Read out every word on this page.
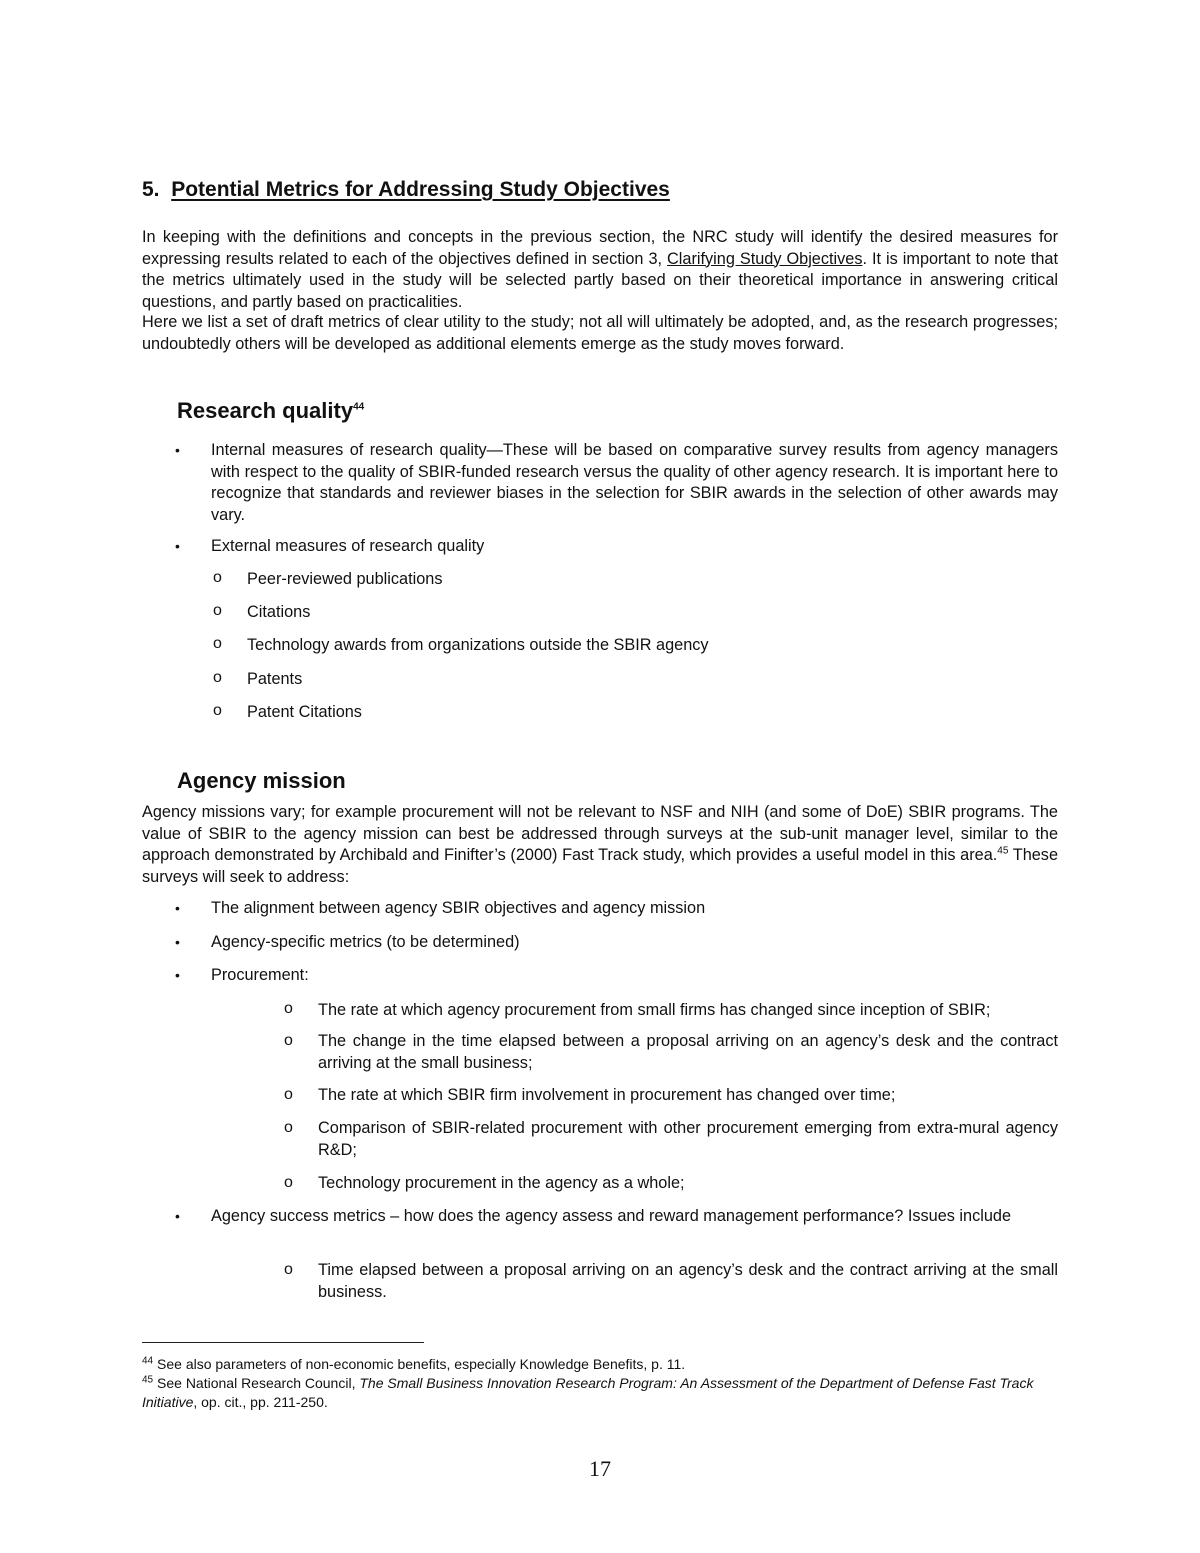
5. Potential Metrics for Addressing Study Objectives
In keeping with the definitions and concepts in the previous section, the NRC study will identify the desired measures for expressing results related to each of the objectives defined in section 3, Clarifying Study Objectives. It is important to note that the metrics ultimately used in the study will be selected partly based on their theoretical importance in answering critical questions, and partly based on practicalities.
Here we list a set of draft metrics of clear utility to the study; not all will ultimately be adopted, and, as the research progresses; undoubtedly others will be developed as additional elements emerge as the study moves forward.
Research quality$^{44}$
• Internal measures of research quality—These will be based on comparative survey results from agency managers with respect to the quality of SBIR-funded research versus the quality of other agency research. It is important here to recognize that standards and reviewer biases in the selection for SBIR awards in the selection of other awards may vary.
• External measures of research quality
o Peer-reviewed publications
o Citations
o Technology awards from organizations outside the SBIR agency
o Patents
o Patent Citations
Agency mission
Agency missions vary; for example procurement will not be relevant to NSF and NIH (and some of DoE) SBIR programs. The value of SBIR to the agency mission can best be addressed through surveys at the sub-unit manager level, similar to the approach demonstrated by Archibald and Finifter’s (2000) Fast Track study, which provides a useful model in this area.$^{45}$ These surveys will seek to address:
• The alignment between agency SBIR objectives and agency mission
• Agency-specific metrics (to be determined)
• Procurement:
o The rate at which agency procurement from small firms has changed since inception of SBIR;
o The change in the time elapsed between a proposal arriving on an agency’s desk and the contract arriving at the small business;
o The rate at which SBIR firm involvement in procurement has changed over time;
o Comparison of SBIR-related procurement with other procurement emerging from extra-mural agency R&D;
o Technology procurement in the agency as a whole;
• Agency success metrics – how does the agency assess and reward management performance? Issues include
o Time elapsed between a proposal arriving on an agency’s desk and the contract arriving at the small business.
$^{44}$ See also parameters of non-economic benefits, especially Knowledge Benefits, p. 11.
$^{45}$ See National Research Council, The Small Business Innovation Research Program: An Assessment of the Department of Defense Fast Track Initiative, op. cit., pp. 211-250.
17
